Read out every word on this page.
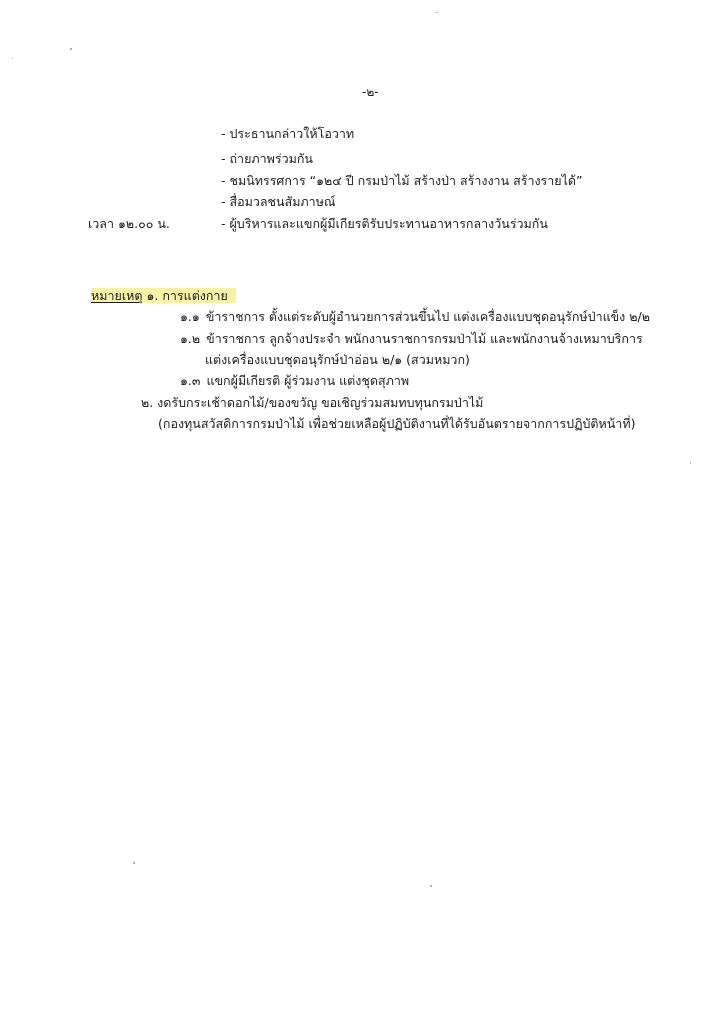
-๒-
- ประธานกล่าวให้โอวาท
- ถ่ายภาพร่วมกัน
- ชมนิทรรศการ “๑๒๔ ปี กรมป่าไม้ สร้างป่า สร้างงาน สร้างรายได้”
- สื่อมวลชนสัมภาษณ์
เวลา ๑๒.๐๐ น.	- ผู้บริหารและแขกผู้มีเกียรติรับประทานอาหารกลางวันร่วมกัน
หมายเหตุ ๑. การแต่งกาย
๑.๑ ข้าราชการ ตั้งแต่ระดับผู้อำนวยการส่วนขึ้นไป แต่งเครื่องแบบชุดอนุรักษ์ป่าแข็ง ๒/๒
๑.๒ ข้าราชการ ลูกจ้างประจำ พนักงานราชการกรมป่าไม้ และพนักงานจ้างเหมาบริการ
แต่งเครื่องแบบชุดอนุรักษ์ป่าอ่อน ๒/๑ (สวมหมวก)
๑.๓ แขกผู้มีเกียรติ ผู้ร่วมงาน แต่งชุดสุภาพ
๒. งดรับกระเช้าดอกไม้/ของขวัญ ขอเชิญร่วมสมทบทุนกรมป่าไม้
(กองทุนสวัสดิการกรมป่าไม้ เพื่อช่วยเหลือผู้ปฏิบัติงานที่ได้รับอันตรายจากการปฏิบัติหน้าที่)
